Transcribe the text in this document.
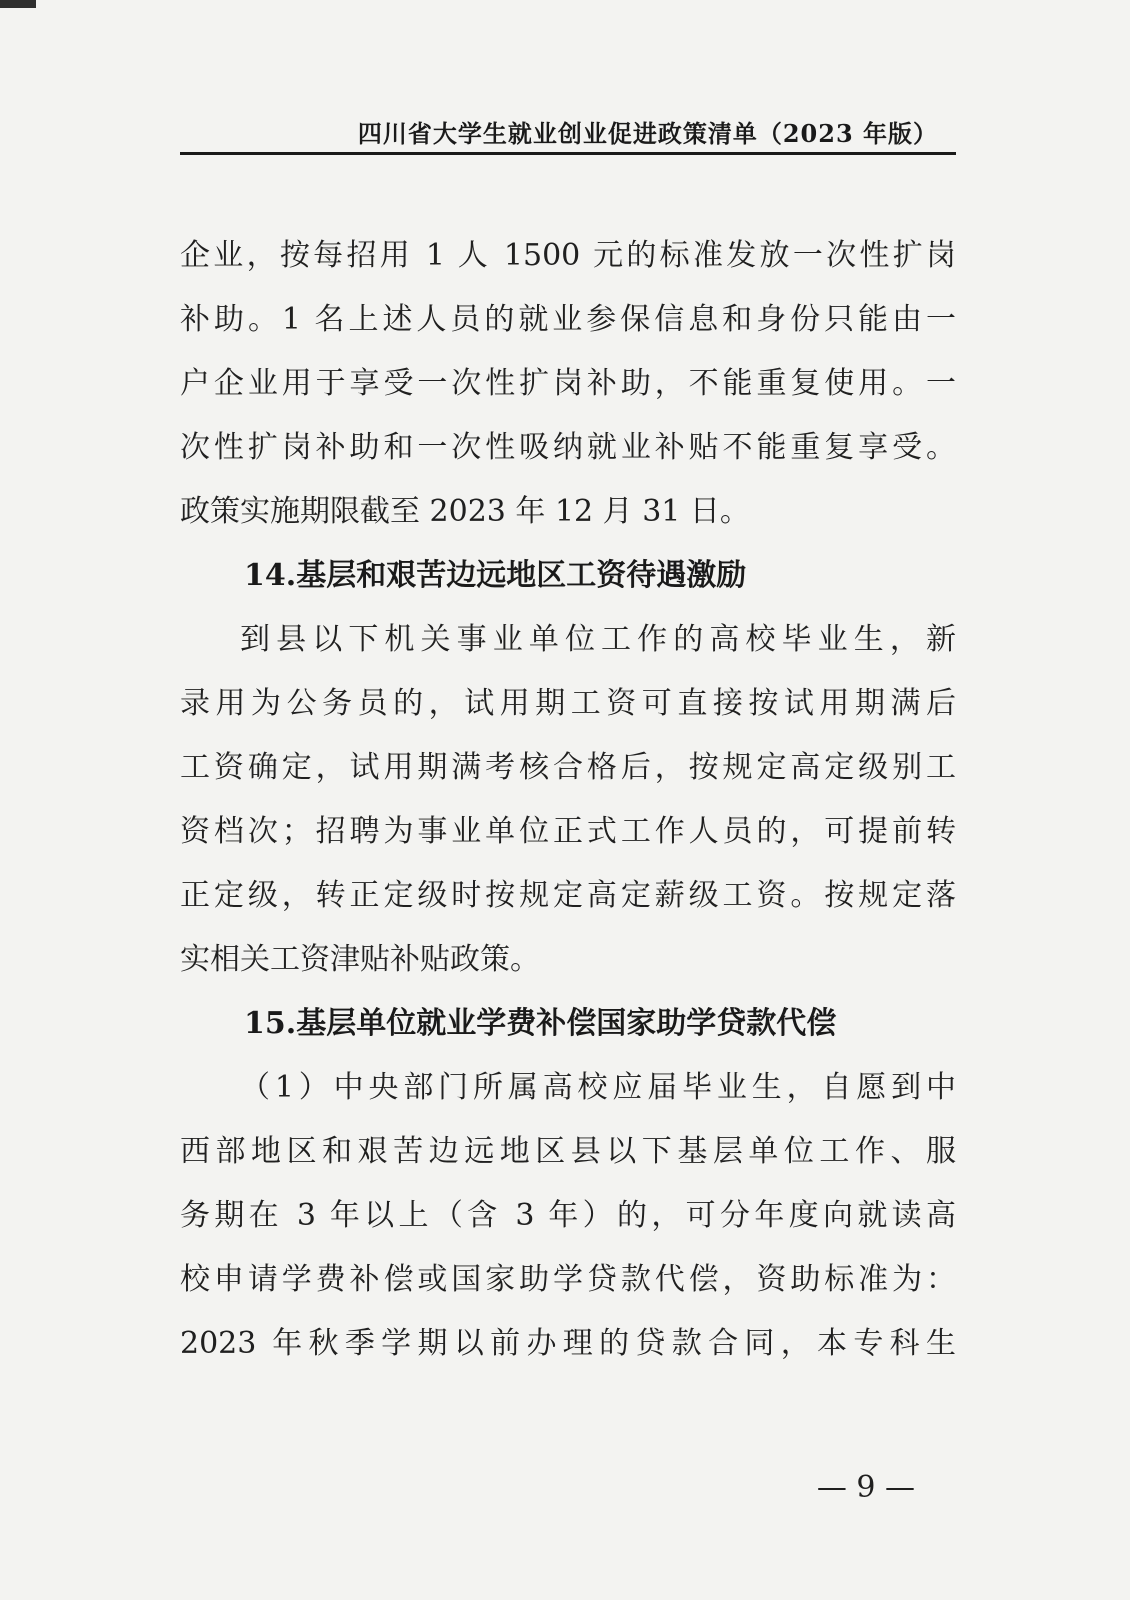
四川省大学生就业创业促进政策清单（2023 年版）
企业，按每招用 1 人 1500 元的标准发放一次性扩岗
补助。1 名上述人员的就业参保信息和身份只能由一
户企业用于享受一次性扩岗补助，不能重复使用。一
次性扩岗补助和一次性吸纳就业补贴不能重复享受。
政策实施期限截至 2023 年 12 月 31 日。
14.基层和艰苦边远地区工资待遇激励
到县以下机关事业单位工作的高校毕业生，新
录用为公务员的，试用期工资可直接按试用期满后
工资确定，试用期满考核合格后，按规定高定级别工
资档次；招聘为事业单位正式工作人员的，可提前转
正定级，转正定级时按规定高定薪级工资。按规定落
实相关工资津贴补贴政策。
15.基层单位就业学费补偿国家助学贷款代偿
（1）中央部门所属高校应届毕业生，自愿到中
西部地区和艰苦边远地区县以下基层单位工作、服
务期在 3 年以上（含 3 年）的，可分年度向就读高
校申请学费补偿或国家助学贷款代偿，资助标准为：
2023 年秋季学期以前办理的贷款合同，本专科生
— 9 —
